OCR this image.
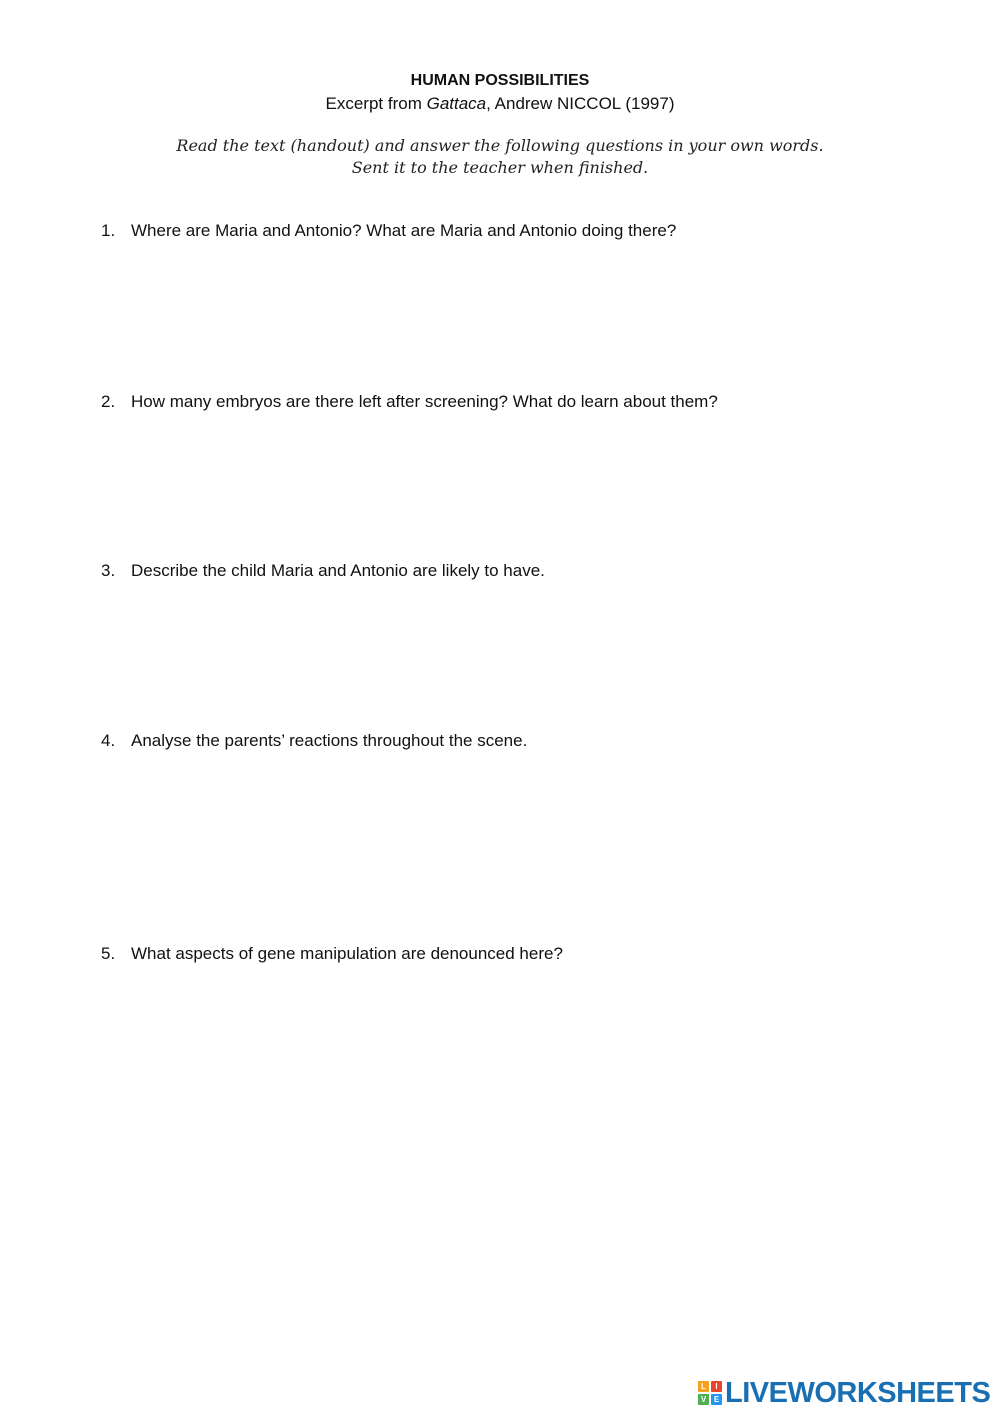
HUMAN POSSIBILITIES
Excerpt from Gattaca, Andrew NICCOL (1997)
Read the text (handout) and answer the following questions in your own words.
Sent it to the teacher when finished.
1. Where are Maria and Antonio? What are Maria and Antonio doing there?
2. How many embryos are there left after screening? What do learn about them?
3. Describe the child Maria and Antonio are likely to have.
4. Analyse the parents’ reactions throughout the scene.
5. What aspects of gene manipulation are denounced here?
L	I
V E LIVEWORKSHEETS
